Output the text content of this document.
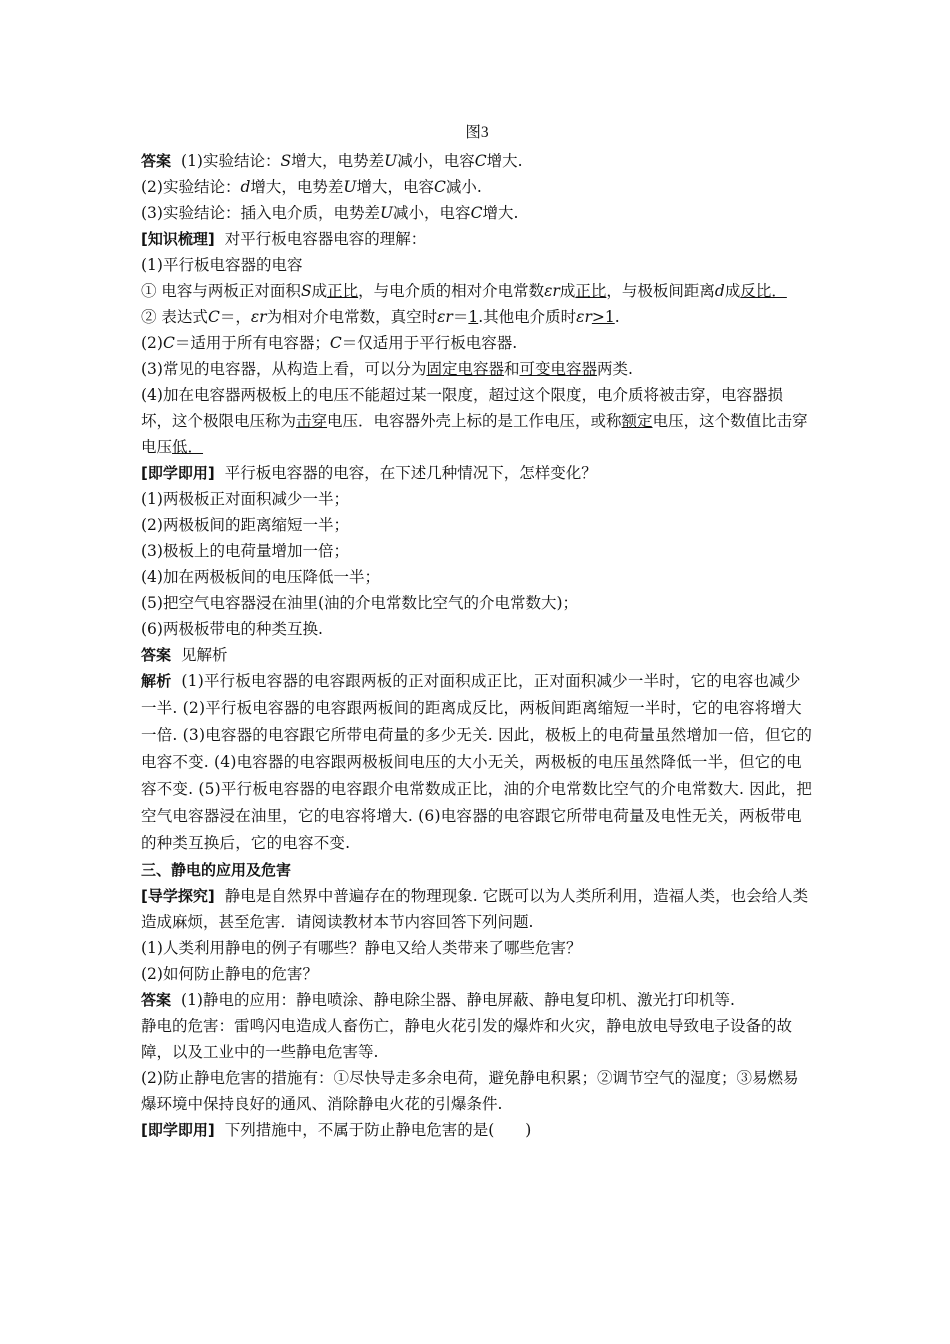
图3
答案 (1)实验结论：S增大，电势差U减小，电容C增大.
(2)实验结论：d增大，电势差U增大，电容C减小.
(3)实验结论：插入电介质，电势差U减小，电容C增大.
[知识梳理] 对平行板电容器电容的理解：
(1)平行板电容器的电容
① 电容与两板正对面积S成正比，与电介质的相对介电常数εr成正比，与极板间距离d成反比．
② 表达式C＝，εr为相对介电常数，真空时εr＝1.其他电介质时εr>1.
(2)C＝适用于所有电容器；C＝仅适用于平行板电容器.
(3)常见的电容器，从构造上看，可以分为固定电容器和可变电容器两类.
(4)加在电容器两极板上的电压不能超过某一限度，超过这个限度，电介质将被击穿，电容器损坏，这个极限电压称为击穿电压．电容器外壳上标的是工作电压，或称额定电压，这个数值比击穿电压低．
[即学即用] 平行板电容器的电容，在下述几种情况下，怎样变化？
(1)两极板正对面积减少一半；
(2)两极板间的距离缩短一半；
(3)极板上的电荷量增加一倍；
(4)加在两极板间的电压降低一半；
(5)把空气电容器浸在油里(油的介电常数比空气的介电常数大)；
(6)两极板带电的种类互换.
答案 见解析
解析 (1)平行板电容器的电容跟两板的正对面积成正比，正对面积减少一半时，它的电容也减少一半. (2)平行板电容器的电容跟两板间的距离成反比，两板间距离缩短一半时，它的电容将增大一倍. (3)电容器的电容跟它所带电荷量的多少无关. 因此，极板上的电荷量虽然增加一倍，但它的电容不变. (4)电容器的电容跟两极板间电压的大小无关，两极板的电压虽然降低一半，但它的电容不变. (5)平行板电容器的电容跟介电常数成正比，油的介电常数比空气的介电常数大. 因此，把空气电容器浸在油里，它的电容将增大. (6)电容器的电容跟它所带电荷量及电性无关，两板带电的种类互换后，它的电容不变.
三、静电的应用及危害
[导学探究] 静电是自然界中普遍存在的物理现象. 它既可以为人类所利用，造福人类，也会给人类造成麻烦，甚至危害．请阅读教材本节内容回答下列问题.
(1)人类利用静电的例子有哪些？静电又给人类带来了哪些危害？
(2)如何防止静电的危害？
答案 (1)静电的应用：静电喷涂、静电除尘器、静电屏蔽、静电复印机、激光打印机等.
静电的危害：雷鸣闪电造成人畜伤亡，静电火花引发的爆炸和火灾，静电放电导致电子设备的故障，以及工业中的一些静电危害等.
(2)防止静电危害的措施有：①尽快导走多余电荷，避免静电积累；②调节空气的湿度；③易燃易爆环境中保持良好的通风、消除静电火花的引爆条件.
[即学即用] 下列措施中，不属于防止静电危害的是(　　)
